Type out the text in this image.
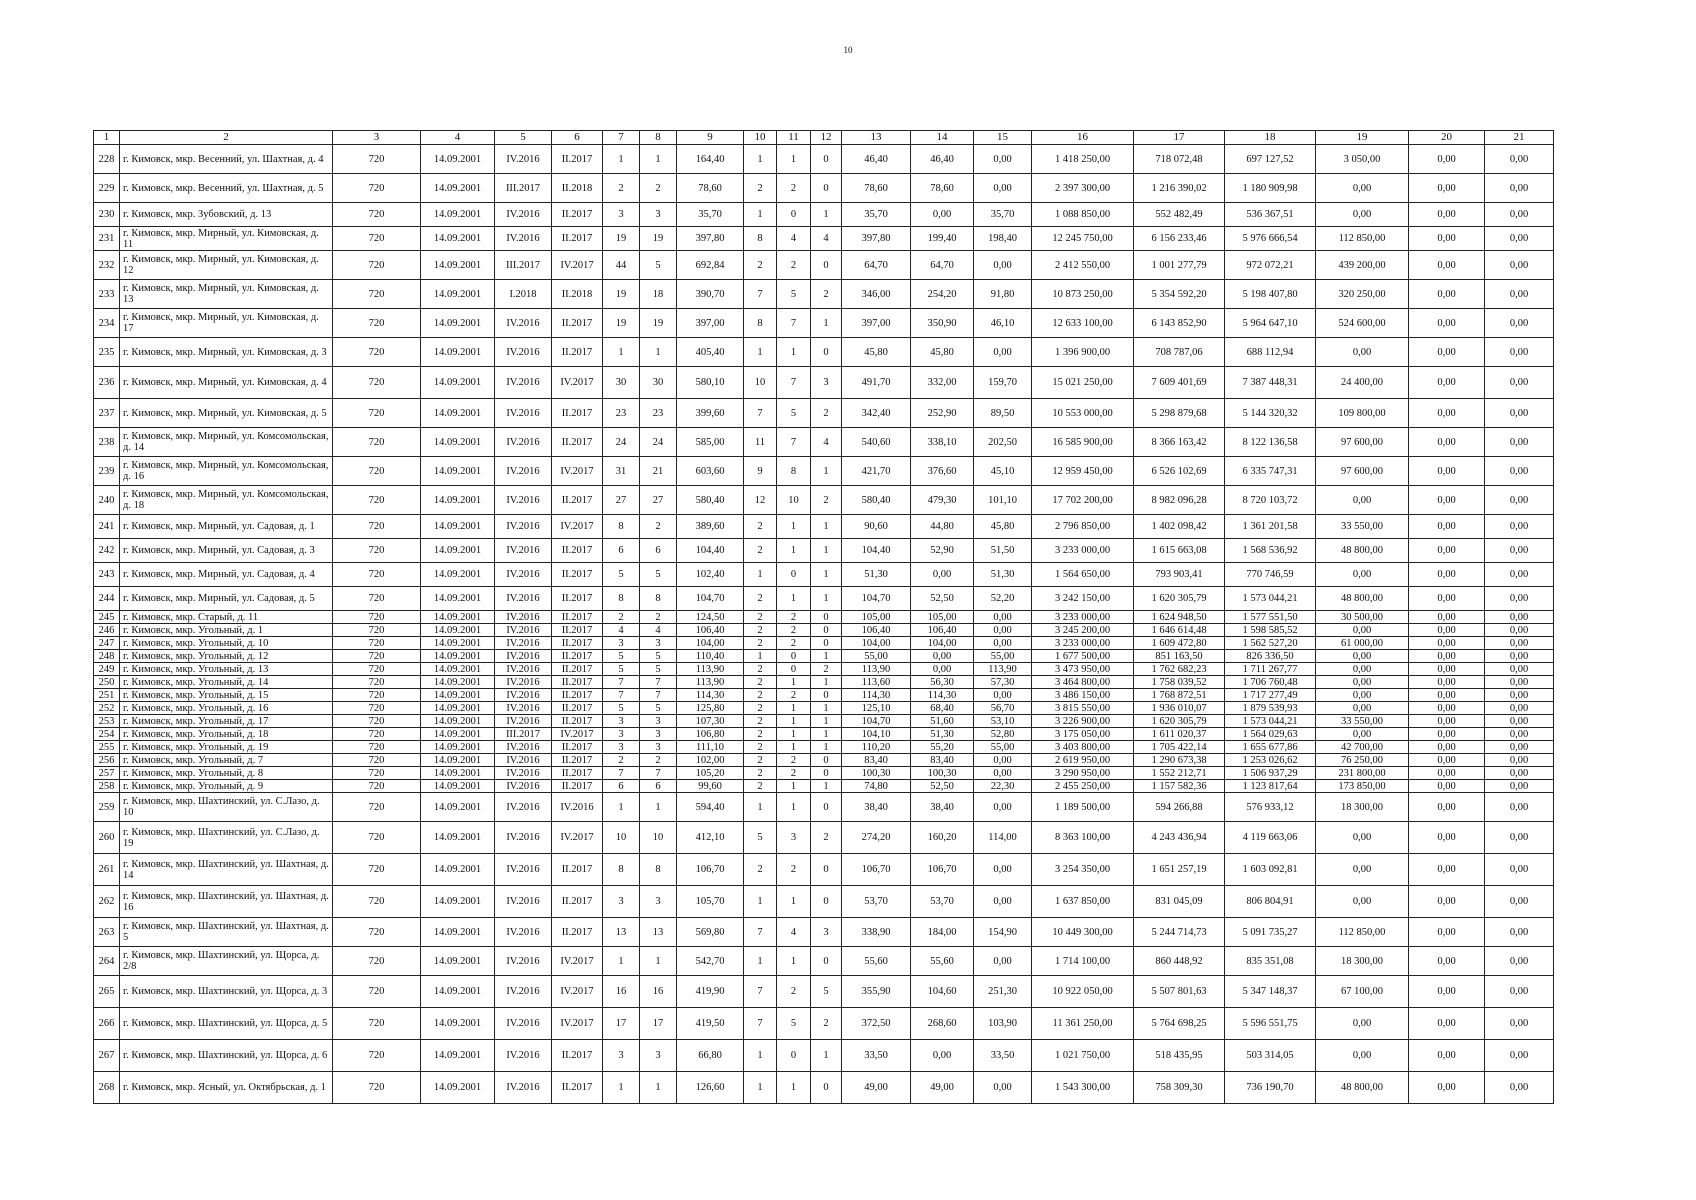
10
1	2	3	4	5	6	7	8	9	10	11	12	13	14	15	16	17	18	19	20	21
228	г. Кимовск, мкр. Весенний, ул. Шахтная, д. 4	720	14.09.2001	IV.2016	II.2017	1	1	164,40	1	1	0	46,40	46,40	0,00	1 418 250,00	718 072,48	697 127,52	3 050,00	0,00	0,00
229	г. Кимовск, мкр. Весенний, ул. Шахтная, д. 5	720	14.09.2001	III.2017	II.2018	2	2	78,60	2	2	0	78,60	78,60	0,00	2 397 300,00	1 216 390,02	1 180 909,98	0,00	0,00	0,00
230	г. Кимовск, мкр. Зубовский, д. 13	720	14.09.2001	IV.2016	II.2017	3	3	35,70	1	0	1	35,70	0,00	35,70	1 088 850,00	552 482,49	536 367,51	0,00	0,00	0,00
231	г. Кимовск, мкр. Мирный, ул. Кимовская, д. 11	720	14.09.2001	IV.2016	II.2017	19	19	397,80	8	4	4	397,80	199,40	198,40	12 245 750,00	6 156 233,46	5 976 666,54	112 850,00	0,00	0,00
232	г. Кимовск, мкр. Мирный, ул. Кимовская, д. 12	720	14.09.2001	III.2017	IV.2017	44	5	692,84	2	2	0	64,70	64,70	0,00	2 412 550,00	1 001 277,79	972 072,21	439 200,00	0,00	0,00
233	г. Кимовск, мкр. Мирный, ул. Кимовская, д. 13	720	14.09.2001	I.2018	II.2018	19	18	390,70	7	5	2	346,00	254,20	91,80	10 873 250,00	5 354 592,20	5 198 407,80	320 250,00	0,00	0,00
234	г. Кимовск, мкр. Мирный, ул. Кимовская, д. 17	720	14.09.2001	IV.2016	II.2017	19	19	397,00	8	7	1	397,00	350,90	46,10	12 633 100,00	6 143 852,90	5 964 647,10	524 600,00	0,00	0,00
235	г. Кимовск, мкр. Мирный, ул. Кимовская, д. 3	720	14.09.2001	IV.2016	II.2017	1	1	405,40	1	1	0	45,80	45,80	0,00	1 396 900,00	708 787,06	688 112,94	0,00	0,00	0,00
236	г. Кимовск, мкр. Мирный, ул. Кимовская, д. 4	720	14.09.2001	IV.2016	IV.2017	30	30	580,10	10	7	3	491,70	332,00	159,70	15 021 250,00	7 609 401,69	7 387 448,31	24 400,00	0,00	0,00
237	г. Кимовск, мкр. Мирный, ул. Кимовская, д. 5	720	14.09.2001	IV.2016	II.2017	23	23	399,60	7	5	2	342,40	252,90	89,50	10 553 000,00	5 298 879,68	5 144 320,32	109 800,00	0,00	0,00
238	г. Кимовск, мкр. Мирный, ул. Комсомольская, д. 14	720	14.09.2001	IV.2016	II.2017	24	24	585,00	11	7	4	540,60	338,10	202,50	16 585 900,00	8 366 163,42	8 122 136,58	97 600,00	0,00	0,00
239	г. Кимовск, мкр. Мирный, ул. Комсомольская, д. 16	720	14.09.2001	IV.2016	IV.2017	31	21	603,60	9	8	1	421,70	376,60	45,10	12 959 450,00	6 526 102,69	6 335 747,31	97 600,00	0,00	0,00
240	г. Кимовск, мкр. Мирный, ул. Комсомольская, д. 18	720	14.09.2001	IV.2016	II.2017	27	27	580,40	12	10	2	580,40	479,30	101,10	17 702 200,00	8 982 096,28	8 720 103,72	0,00	0,00	0,00
241	г. Кимовск, мкр. Мирный, ул. Садовая, д. 1	720	14.09.2001	IV.2016	IV.2017	8	2	389,60	2	1	1	90,60	44,80	45,80	2 796 850,00	1 402 098,42	1 361 201,58	33 550,00	0,00	0,00
242	г. Кимовск, мкр. Мирный, ул. Садовая, д. 3	720	14.09.2001	IV.2016	II.2017	6	6	104,40	2	1	1	104,40	52,90	51,50	3 233 000,00	1 615 663,08	1 568 536,92	48 800,00	0,00	0,00
243	г. Кимовск, мкр. Мирный, ул. Садовая, д. 4	720	14.09.2001	IV.2016	II.2017	5	5	102,40	1	0	1	51,30	0,00	51,30	1 564 650,00	793 903,41	770 746,59	0,00	0,00	0,00
244	г. Кимовск, мкр. Мирный, ул. Садовая, д. 5	720	14.09.2001	IV.2016	II.2017	8	8	104,70	2	1	1	104,70	52,50	52,20	3 242 150,00	1 620 305,79	1 573 044,21	48 800,00	0,00	0,00
245	г. Кимовск, мкр. Старый, д. 11	720	14.09.2001	IV.2016	II.2017	2	2	124,50	2	2	0	105,00	105,00	0,00	3 233 000,00	1 624 948,50	1 577 551,50	30 500,00	0,00	0,00
246	г. Кимовск, мкр. Угольный, д. 1	720	14.09.2001	IV.2016	II.2017	4	4	106,40	2	2	0	106,40	106,40	0,00	3 245 200,00	1 646 614,48	1 598 585,52	0,00	0,00	0,00
247	г. Кимовск, мкр. Угольный, д. 10	720	14.09.2001	IV.2016	II.2017	3	3	104,00	2	2	0	104,00	104,00	0,00	3 233 000,00	1 609 472,80	1 562 527,20	61 000,00	0,00	0,00
248	г. Кимовск, мкр. Угольный, д. 12	720	14.09.2001	IV.2016	II.2017	5	5	110,40	1	0	1	55,00	0,00	55,00	1 677 500,00	851 163,50	826 336,50	0,00	0,00	0,00
249	г. Кимовск, мкр. Угольный, д. 13	720	14.09.2001	IV.2016	II.2017	5	5	113,90	2	0	2	113,90	0,00	113,90	3 473 950,00	1 762 682,23	1 711 267,77	0,00	0,00	0,00
250	г. Кимовск, мкр. Угольный, д. 14	720	14.09.2001	IV.2016	II.2017	7	7	113,90	2	1	1	113,60	56,30	57,30	3 464 800,00	1 758 039,52	1 706 760,48	0,00	0,00	0,00
251	г. Кимовск, мкр. Угольный, д. 15	720	14.09.2001	IV.2016	II.2017	7	7	114,30	2	2	0	114,30	114,30	0,00	3 486 150,00	1 768 872,51	1 717 277,49	0,00	0,00	0,00
252	г. Кимовск, мкр. Угольный, д. 16	720	14.09.2001	IV.2016	II.2017	5	5	125,80	2	1	1	125,10	68,40	56,70	3 815 550,00	1 936 010,07	1 879 539,93	0,00	0,00	0,00
253	г. Кимовск, мкр. Угольный, д. 17	720	14.09.2001	IV.2016	II.2017	3	3	107,30	2	1	1	104,70	51,60	53,10	3 226 900,00	1 620 305,79	1 573 044,21	33 550,00	0,00	0,00
254	г. Кимовск, мкр. Угольный, д. 18	720	14.09.2001	III.2017	IV.2017	3	3	106,80	2	1	1	104,10	51,30	52,80	3 175 050,00	1 611 020,37	1 564 029,63	0,00	0,00	0,00
255	г. Кимовск, мкр. Угольный, д. 19	720	14.09.2001	IV.2016	II.2017	3	3	111,10	2	1	1	110,20	55,20	55,00	3 403 800,00	1 705 422,14	1 655 677,86	42 700,00	0,00	0,00
256	г. Кимовск, мкр. Угольный, д. 7	720	14.09.2001	IV.2016	II.2017	2	2	102,00	2	2	0	83,40	83,40	0,00	2 619 950,00	1 290 673,38	1 253 026,62	76 250,00	0,00	0,00
257	г. Кимовск, мкр. Угольный, д. 8	720	14.09.2001	IV.2016	II.2017	7	7	105,20	2	2	0	100,30	100,30	0,00	3 290 950,00	1 552 212,71	1 506 937,29	231 800,00	0,00	0,00
258	г. Кимовск, мкр. Угольный, д. 9	720	14.09.2001	IV.2016	II.2017	6	6	99,60	2	1	1	74,80	52,50	22,30	2 455 250,00	1 157 582,36	1 123 817,64	173 850,00	0,00	0,00
259	г. Кимовск, мкр. Шахтинский, ул. С.Лазо, д. 10	720	14.09.2001	IV.2016	IV.2016	1	1	594,40	1	1	0	38,40	38,40	0,00	1 189 500,00	594 266,88	576 933,12	18 300,00	0,00	0,00
260	г. Кимовск, мкр. Шахтинский, ул. С.Лазо, д. 19	720	14.09.2001	IV.2016	IV.2017	10	10	412,10	5	3	2	274,20	160,20	114,00	8 363 100,00	4 243 436,94	4 119 663,06	0,00	0,00	0,00
261	г. Кимовск, мкр. Шахтинский, ул. Шахтная, д. 14	720	14.09.2001	IV.2016	II.2017	8	8	106,70	2	2	0	106,70	106,70	0,00	3 254 350,00	1 651 257,19	1 603 092,81	0,00	0,00	0,00
262	г. Кимовск, мкр. Шахтинский, ул. Шахтная, д. 16	720	14.09.2001	IV.2016	II.2017	3	3	105,70	1	1	0	53,70	53,70	0,00	1 637 850,00	831 045,09	806 804,91	0,00	0,00	0,00
263	г. Кимовск, мкр. Шахтинский, ул. Шахтная, д. 5	720	14.09.2001	IV.2016	II.2017	13	13	569,80	7	4	3	338,90	184,00	154,90	10 449 300,00	5 244 714,73	5 091 735,27	112 850,00	0,00	0,00
264	г. Кимовск, мкр. Шахтинский, ул. Щорса, д. 2/8	720	14.09.2001	IV.2016	IV.2017	1	1	542,70	1	1	0	55,60	55,60	0,00	1 714 100,00	860 448,92	835 351,08	18 300,00	0,00	0,00
265	г. Кимовск, мкр. Шахтинский, ул. Щорса, д. 3	720	14.09.2001	IV.2016	IV.2017	16	16	419,90	7	2	5	355,90	104,60	251,30	10 922 050,00	5 507 801,63	5 347 148,37	67 100,00	0,00	0,00
266	г. Кимовск, мкр. Шахтинский, ул. Щорса, д. 5	720	14.09.2001	IV.2016	IV.2017	17	17	419,50	7	5	2	372,50	268,60	103,90	11 361 250,00	5 764 698,25	5 596 551,75	0,00	0,00	0,00
267	г. Кимовск, мкр. Шахтинский, ул. Щорса, д. 6	720	14.09.2001	IV.2016	II.2017	3	3	66,80	1	0	1	33,50	0,00	33,50	1 021 750,00	518 435,95	503 314,05	0,00	0,00	0,00
268	г. Кимовск, мкр. Ясный, ул. Октябрьская, д. 1	720	14.09.2001	IV.2016	II.2017	1	1	126,60	1	1	0	49,00	49,00	0,00	1 543 300,00	758 309,30	736 190,70	48 800,00	0,00	0,00
